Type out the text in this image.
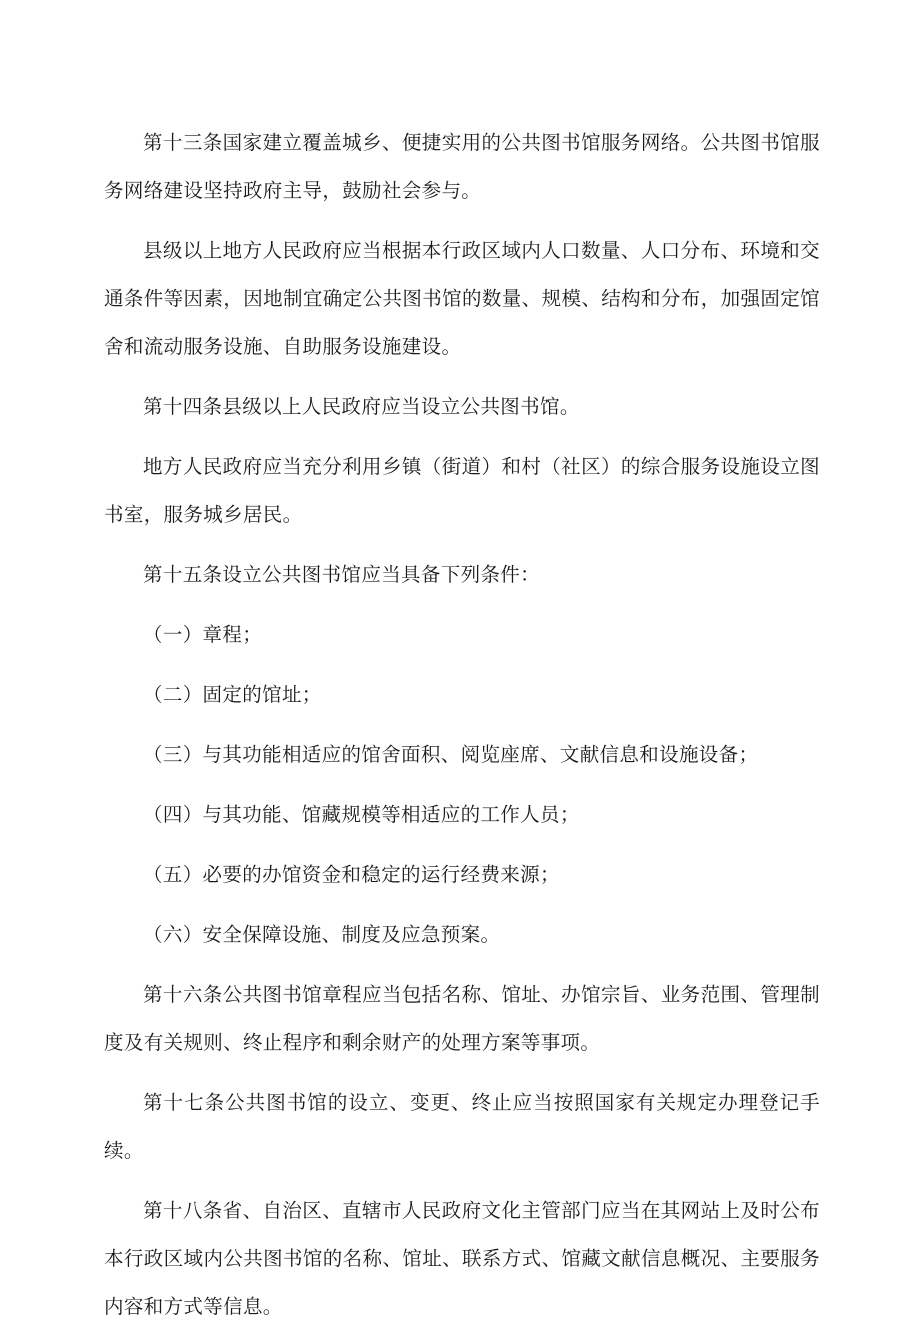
第十三条国家建立覆盖城乡、便捷实用的公共图书馆服务网络。公共图书馆服务网络建设坚持政府主导，鼓励社会参与。

县级以上地方人民政府应当根据本行政区域内人口数量、人口分布、环境和交通条件等因素，因地制宜确定公共图书馆的数量、规模、结构和分布，加强固定馆舍和流动服务设施、自助服务设施建设。

第十四条县级以上人民政府应当设立公共图书馆。

地方人民政府应当充分利用乡镇（街道）和村（社区）的综合服务设施设立图书室，服务城乡居民。

第十五条设立公共图书馆应当具备下列条件：

（一）章程；

（二）固定的馆址；

（三）与其功能相适应的馆舍面积、阅览座席、文献信息和设施设备；

（四）与其功能、馆藏规模等相适应的工作人员；

（五）必要的办馆资金和稳定的运行经费来源；

（六）安全保障设施、制度及应急预案。

第十六条公共图书馆章程应当包括名称、馆址、办馆宗旨、业务范围、管理制度及有关规则、终止程序和剩余财产的处理方案等事项。

第十七条公共图书馆的设立、变更、终止应当按照国家有关规定办理登记手续。

第十八条省、自治区、直辖市人民政府文化主管部门应当在其网站上及时公布本行政区域内公共图书馆的名称、馆址、联系方式、馆藏文献信息概况、主要服务内容和方式等信息。
